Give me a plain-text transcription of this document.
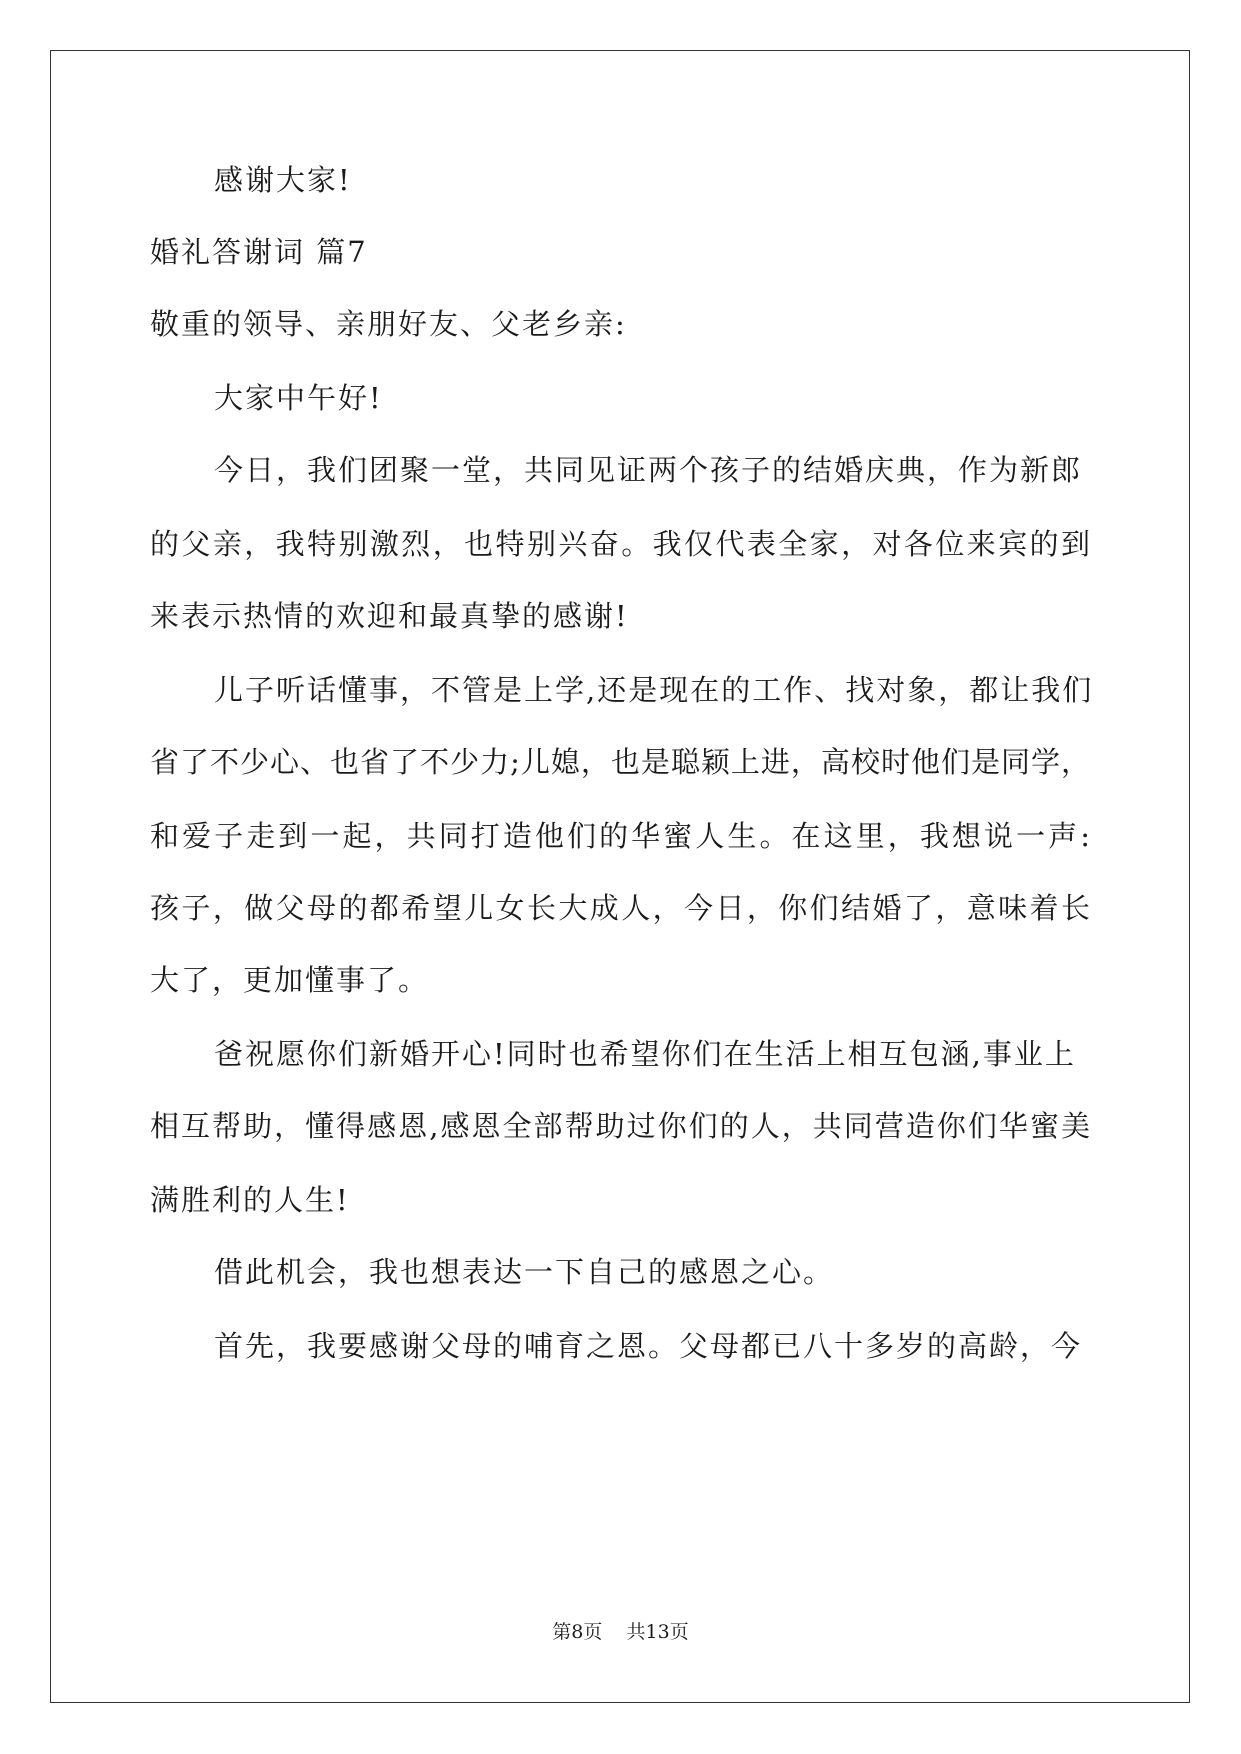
感谢大家!
婚礼答谢词 篇7
敬重的领导、亲朋好友、父老乡亲:
大家中午好!
今日，我们团聚一堂，共同见证两个孩子的结婚庆典，作为新郎
的父亲，我特别激烈，也特别兴奋。我仅代表全家，对各位来宾的到
来表示热情的欢迎和最真挚的感谢!
儿子听话懂事，不管是上学,还是现在的工作、找对象，都让我们
省了不少心、也省了不少力;儿媳，也是聪颖上进，高校时他们是同学，
和爱子走到一起，共同打造他们的华蜜人生。在这里，我想说一声:
孩子，做父母的都希望儿女长大成人，今日，你们结婚了，意味着长
大了，更加懂事了。
爸祝愿你们新婚开心!同时也希望你们在生活上相互包涵,事业上
相互帮助，懂得感恩,感恩全部帮助过你们的人，共同营造你们华蜜美
满胜利的人生!
借此机会，我也想表达一下自己的感恩之心。
首先，我要感谢父母的哺育之恩。父母都已八十多岁的高龄，今
第8页 共13页
